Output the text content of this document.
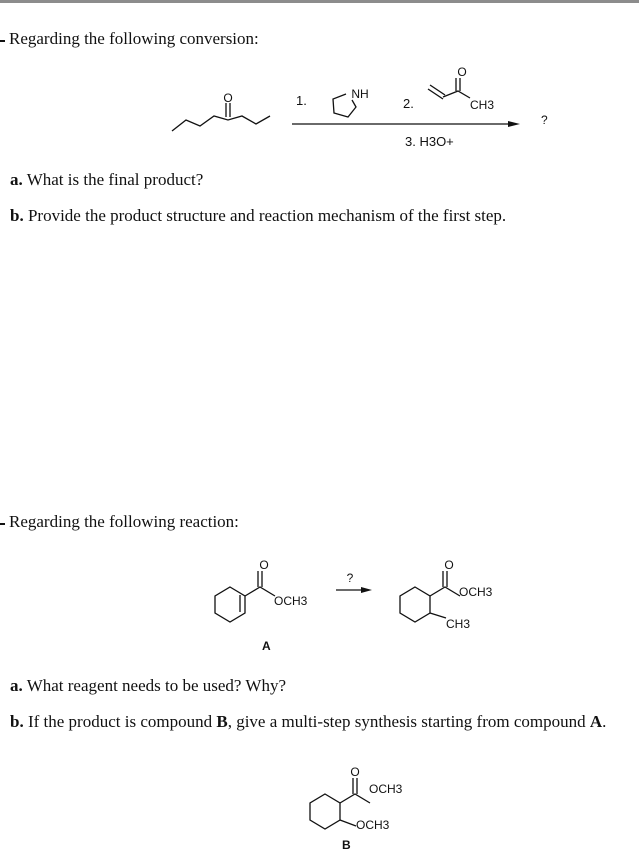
Regarding the following conversion:
O	1.	NH
2.
O
CH3
3. H3O+
?
O
OCH3
A
?
O
OCH3
CH3
O
OCH3
OCH3
B
a. What is the final product?
b. Provide the product structure and reaction mechanism of the first step.
Regarding the following reaction:
a. What reagent needs to be used? Why?
b. If the product is compound B, give a multi-step synthesis starting from compound A.
